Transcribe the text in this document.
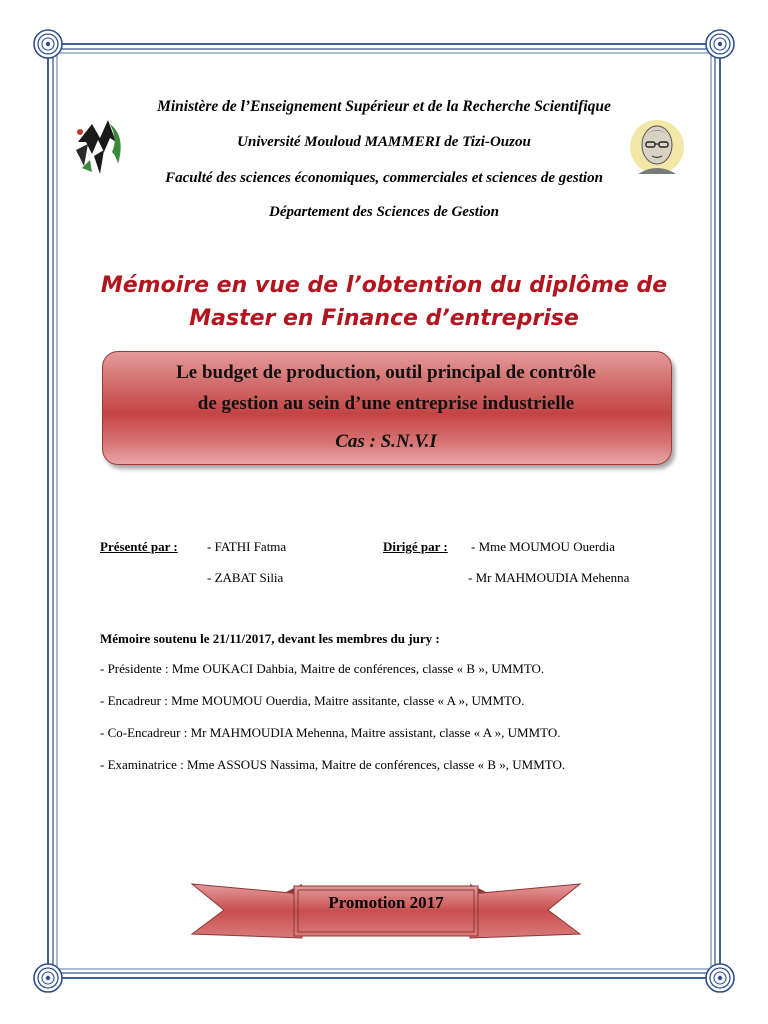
Ministère de l’Enseignement Supérieur et de la Recherche Scientifique
Université Mouloud MAMMERI de Tizi-Ouzou
Faculté des sciences économiques, commerciales et sciences de gestion
Département des Sciences de Gestion
Mémoire en vue de l’obtention du diplôme de
Master en Finance d’entreprise
Le budget de production, outil principal de contrôle
de gestion au sein d’une entreprise industrielle
Cas : S.N.V.I
Présenté par : - FATHI Fatma
- ZABAT Silia
Dirigé par : - Mme MOUMOU Ouerdia
- Mr MAHMOUDIA Mehenna
Mémoire soutenu le 21/11/2017, devant les membres du jury :
- Présidente : Mme OUKACI Dahbia, Maitre de conférences, classe « B », UMMTO.
- Encadreur : Mme MOUMOU Ouerdia, Maitre assitante, classe « A », UMMTO.
- Co-Encadreur : Mr MAHMOUDIA Mehenna, Maitre assistant, classe « A », UMMTO.
- Examinatrice : Mme ASSOUS Nassima, Maitre de conférences, classe « B », UMMTO.
Promotion 2017
